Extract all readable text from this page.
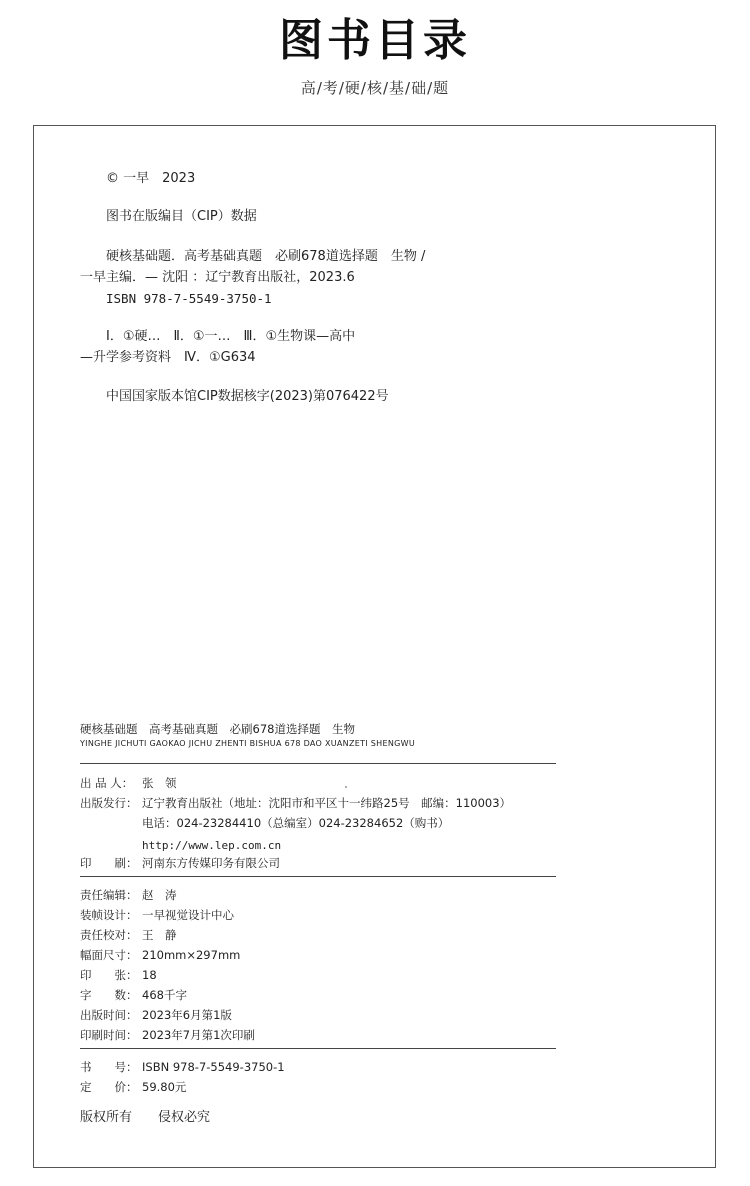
图书目录
高/考/硬/核/基/础/题
© 一早　2023
图书在版编目（CIP）数据
硬核基础题．高考基础真题　必刷678道选择题　生物 /
一早主编．— 沈阳 ：辽宁教育出版社，2023.6
ISBN 978-7-5549-3750-1
Ⅰ．①硬…　Ⅱ．①一…　Ⅲ．①生物课—高中
—升学参考资料　Ⅳ．①G634
中国国家版本馆CIP数据核字(2023)第076422号
硬核基础题　高考基础真题　必刷678道选择题　生物
YINGHE JICHUTI GAOKAO JICHU ZHENTI BISHUA 678 DAO XUANZETI SHENGWU
出 品 人： 张　领
出版发行： 辽宁教育出版社（地址：沈阳市和平区十一纬路25号　邮编：110003）
电话：024-23284410（总编室）024-23284652（购书）
http://www.lep.com.cn
印　　刷： 河南东方传媒印务有限公司
责任编辑： 赵　涛
装帧设计： 一早视觉设计中心
责任校对： 王　静
幅面尺寸： 210mm×297mm
印　　张： 18
字　　数： 468千字
出版时间： 2023年6月第1版
印刷时间： 2023年7月第1次印刷
书　　号： ISBN 978-7-5549-3750-1
定　　价： 59.80元
版权所有　　侵权必究
